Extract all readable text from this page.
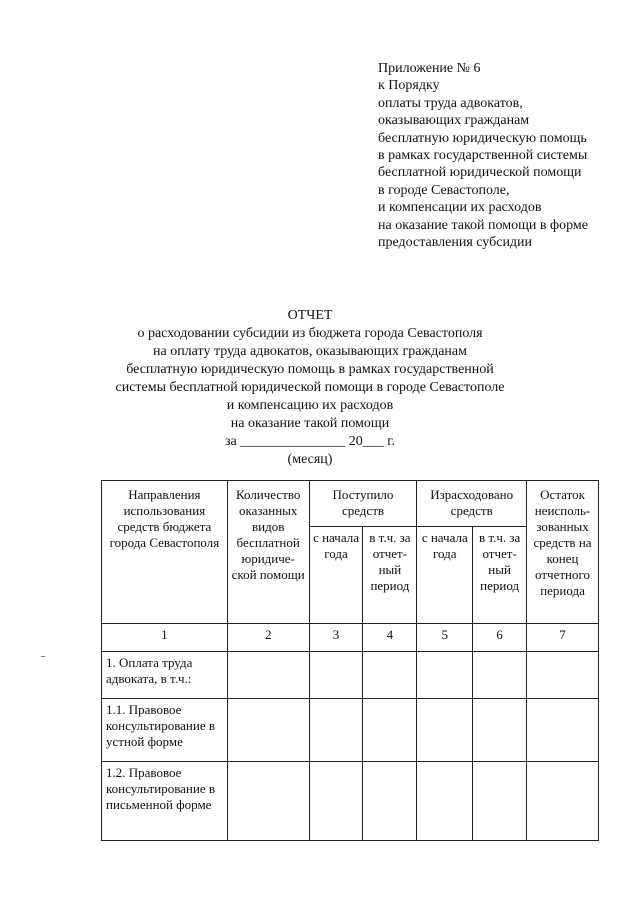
Приложение № 6
к Порядку
оплаты труда адвокатов,
оказывающих гражданам
бесплатную юридическую помощь
в рамках государственной системы
бесплатной юридической помощи
в городе Севастополе,
и компенсации их расходов
на оказание такой помощи в форме
предоставления субсидии
ОТЧЕТ
о расходовании субсидии из бюджета города Севастополя
на оплату труда адвокатов, оказывающих гражданам
бесплатную юридическую помощь в рамках государственной
системы бесплатной юридической помощи в городе Севастополе
и компенсацию их расходов
на оказание такой помощи
за _______________ 20___ г.
(месяц)
Направления использования средств бюджета города Севастополя	Количество оказанных видов бесплатной юридиче-ской помощи	Поступило средств		Израсходовано средств		Остаток неисполь-зованных средств на конец отчетного периода
		с начала года	в т.ч. за отчет-ный период	с начала года	в т.ч. за отчет-ный период	
1	2	3	4	5	6	7
1. Оплата труда адвоката, в т.ч.:						
1.1. Правовое консультирование в устной форме						
1.2. Правовое консультирование в письменной форме						
